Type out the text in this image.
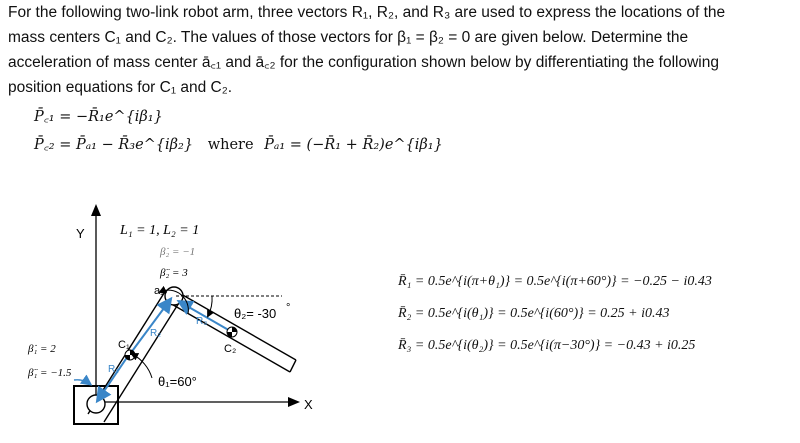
For the following two-link robot arm, three vectors R₁, R₂, and R₃ are used to express the locations of the

mass centers C₁ and C₂. The values of those vectors for β₁ = β₂ = 0 are given below. Determine the

acceleration of mass center ā꜀₁ and ā꜀₂ for the configuration shown below by differentiating the following

position equations for C₁ and C₂.

P̄꜀₁ = −R̄₁e^{iβ₁}
P̄꜀₂ = P̄ₐ₁ − R̄₃e^{iβ₂} where P̄ₐ₁ = (−R̄₁ + R̄₂)e^{iβ₁}
Y
X
L₁ = 1, L₂ = 1
β̇₂ = −1
β̈₂ = 3
β̇₁ = 2
β̈₁ = −1.5
a₁
C₁	C₂
R₁
R₂
R₃
θ₂= -30 °
θ₁=60°
R̄₁ = 0.5e^{i(π+θ₁)} = 0.5e^{i(π+60°)} = −0.25 − i0.43
R̄₂ = 0.5e^{i(θ₁)} = 0.5e^{i(60°)} = 0.25 + i0.43
R̄₃ = 0.5e^{i(θ₂)} = 0.5e^{i(π−30°)} = −0.43 + i0.25
